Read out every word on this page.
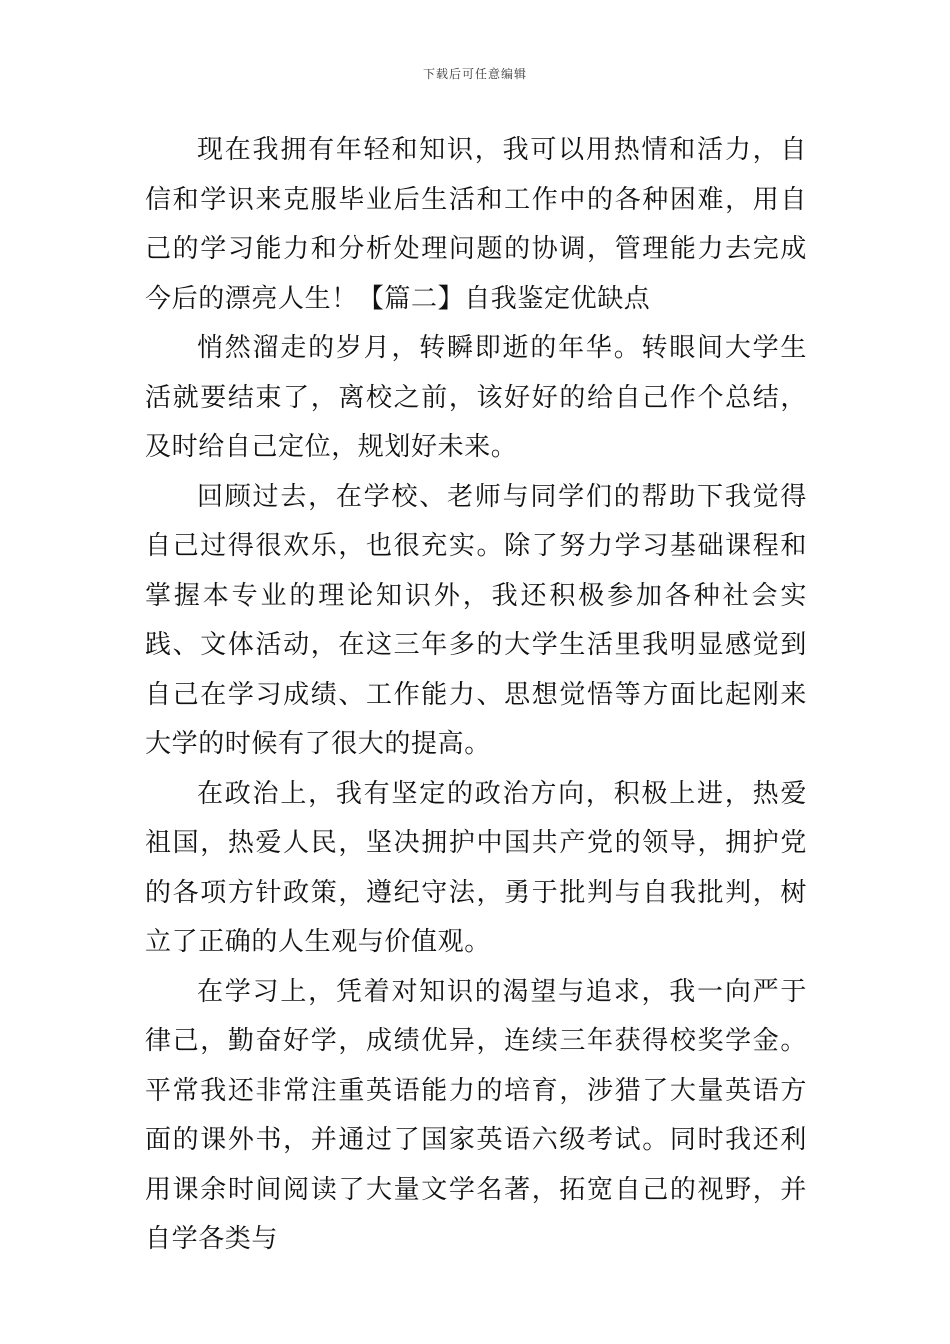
下载后可任意编辑

现在我拥有年轻和知识，我可以用热情和活力，自信和学识来克服毕业后生活和工作中的各种困难，用自己的学习能力和分析处理问题的协调，管理能力去完成今后的漂亮人生！【篇二】自我鉴定优缺点

悄然溜走的岁月，转瞬即逝的年华。转眼间大学生活就要结束了，离校之前，该好好的给自己作个总结，及时给自己定位，规划好未来。

回顾过去，在学校、老师与同学们的帮助下我觉得自己过得很欢乐，也很充实。除了努力学习基础课程和掌握本专业的理论知识外，我还积极参加各种社会实践、文体活动，在这三年多的大学生活里我明显感觉到自己在学习成绩、工作能力、思想觉悟等方面比起刚来大学的时候有了很大的提高。

在政治上，我有坚定的政治方向，积极上进，热爱祖国，热爱人民，坚决拥护中国共产党的领导，拥护党的各项方针政策，遵纪守法，勇于批判与自我批判，树立了正确的人生观与价值观。

在学习上，凭着对知识的渴望与追求，我一向严于律己，勤奋好学，成绩优异，连续三年获得校奖学金。平常我还非常注重英语能力的培育，涉猎了大量英语方面的课外书，并通过了国家英语六级考试。同时我还利用课余时间阅读了大量文学名著，拓宽自己的视野，并自学各类与
